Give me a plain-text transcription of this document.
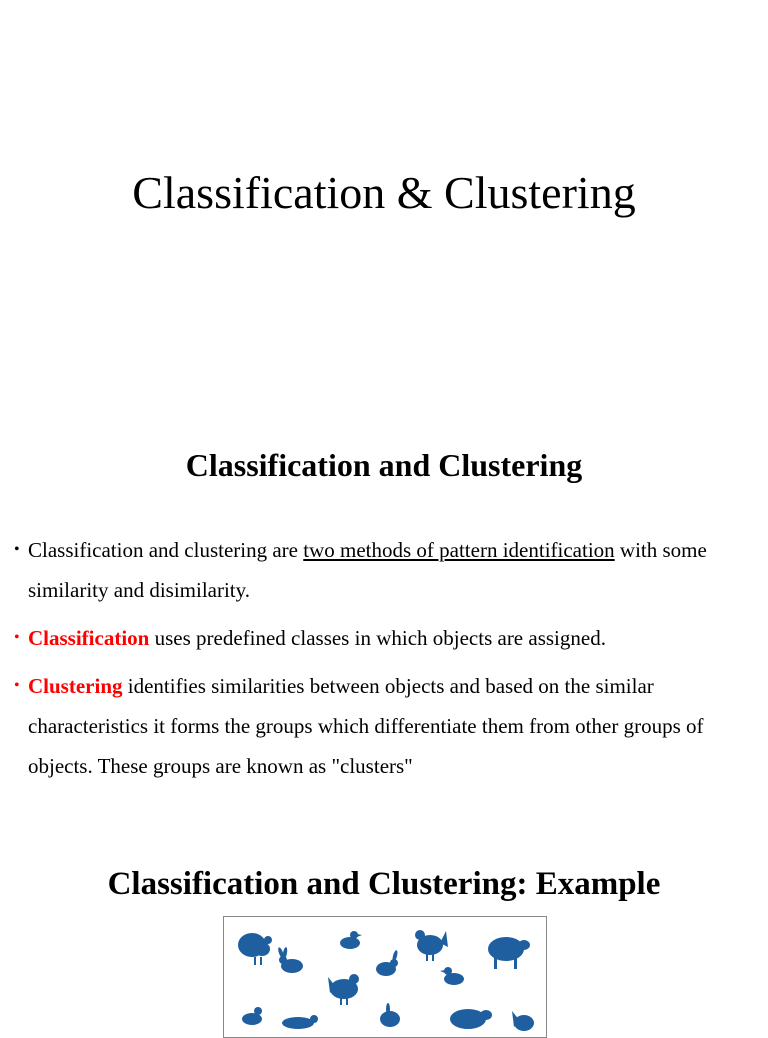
Classification & Clustering
Classification and Clustering
• Classification and clustering are two methods of pattern identification with some similarity and disimilarity.
• Classification uses predefined classes in which objects are assigned.
• Clustering identifies similarities between objects and based on the similar characteristics it forms the groups which differentiate them from other groups of objects. These groups are known as "clusters"
Classification and Clustering: Example
